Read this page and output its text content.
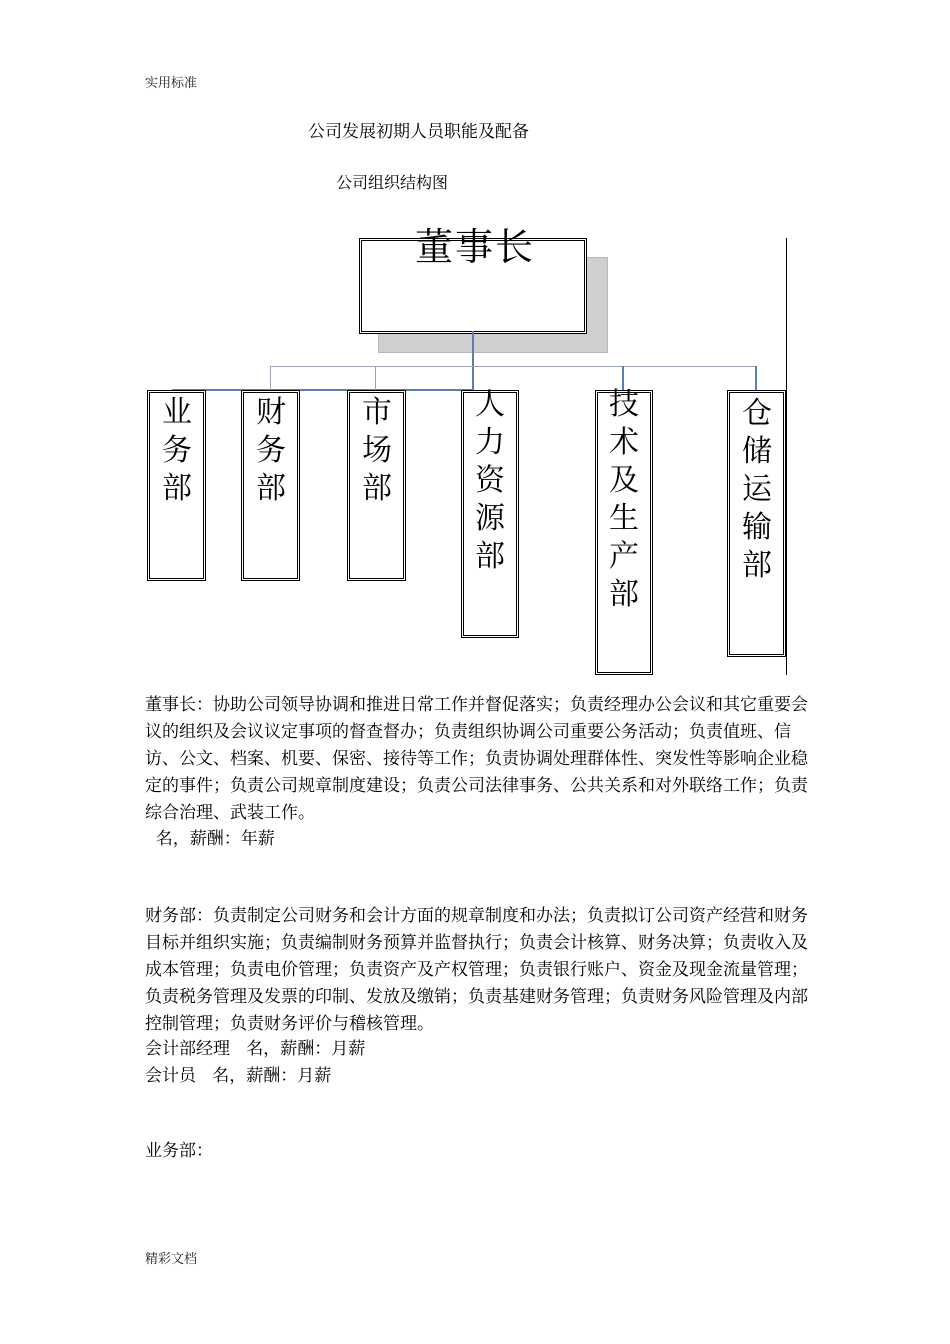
实用标准
公司发展初期人员职能及配备
公司组织结构图
董事长
业务部
财务部
市场部
人力资源部
技术及生产部
仓储运输部
董事长：协助公司领导协调和推进日常工作并督促落实；负责经理办公会议和其它重要会议的组织及会议议定事项的督查督办；负责组织协调公司重要公务活动；负责值班、信访、公文、档案、机要、保密、接待等工作；负责协调处理群体性、突发性等影响企业稳定的事件；负责公司规章制度建设；负责公司法律事务、公共关系和对外联络工作；负责综合治理、武装工作。
名，薪酬：年薪
财务部：负责制定公司财务和会计方面的规章制度和办法；负责拟订公司资产经营和财务目标并组织实施；负责编制财务预算并监督执行；负责会计核算、财务决算；负责收入及成本管理；负责电价管理；负责资产及产权管理；负责银行账户、资金及现金流量管理；负责税务管理及发票的印制、发放及缴销；负责基建财务管理；负责财务风险管理及内部控制管理；负责财务评价与稽核管理。
会计部经理   名，薪酬：月薪
会计员   名，薪酬：月薪
业务部：
精彩文档
